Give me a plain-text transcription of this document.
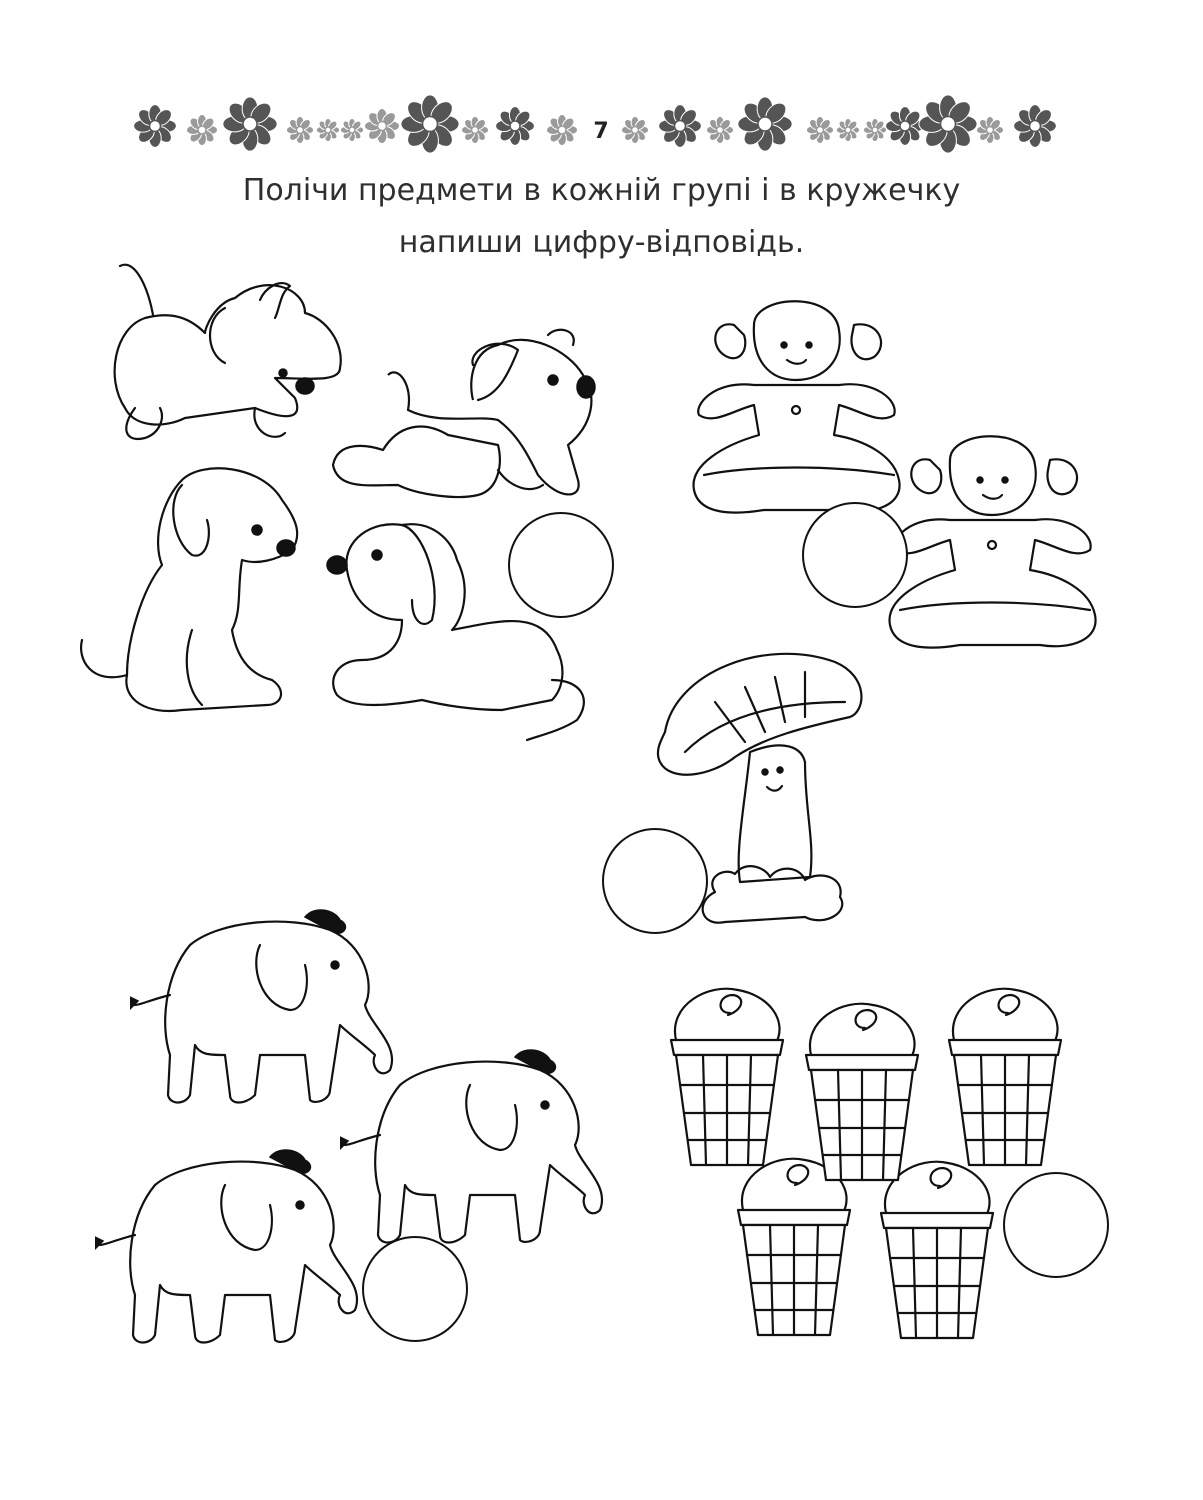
7
Полічи предмети в кожній групі і в кружечку
напиши цифру-відповідь.
